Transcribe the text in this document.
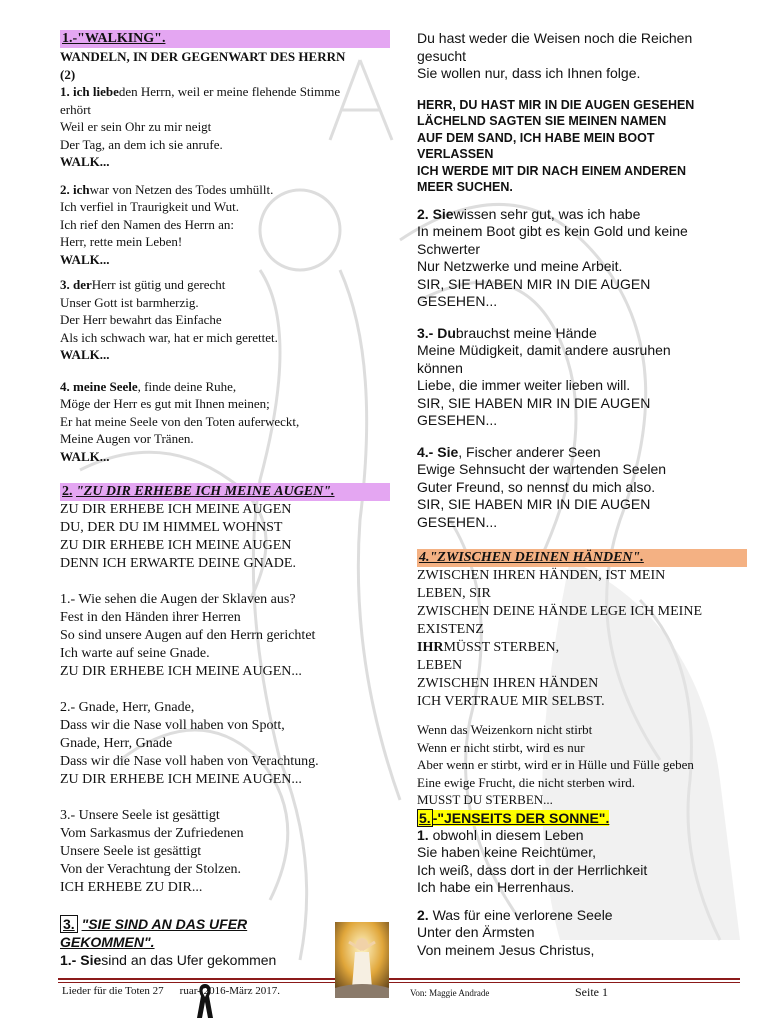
1.-"WALKING".
WANDELN, IN DER GEGENWART DES HERRN
(2)
1. ich liebeden Herrn, weil er meine flehende Stimme
erhört
Weil er sein Ohr zu mir neigt
Der Tag, an dem ich sie anrufe.
WALK...
2. ichwar von Netzen des Todes umhüllt.
Ich verfiel in Traurigkeit und Wut.
Ich rief den Namen des Herrn an:
Herr, rette mein Leben!
WALK...
3. derHerr ist gütig und gerecht
Unser Gott ist barmherzig.
Der Herr bewahrt das Einfache
Als ich schwach war, hat er mich gerettet.
WALK...
4. meine Seele, finde deine Ruhe,
Möge der Herr es gut mit Ihnen meinen;
Er hat meine Seele von den Toten auferweckt,
Meine Augen vor Tränen.
WALK...
2. "ZU DIR ERHEBE ICH MEINE AUGEN".
ZU DIR ERHEBE ICH MEINE AUGEN
DU, DER DU IM HIMMEL WOHNST
ZU DIR ERHEBE ICH MEINE AUGEN
DENN ICH ERWARTE DEINE GNADE.
1.- Wie sehen die Augen der Sklaven aus?
Fest in den Händen ihrer Herren
So sind unsere Augen auf den Herrn gerichtet
Ich warte auf seine Gnade.
ZU DIR ERHEBE ICH MEINE AUGEN...
2.- Gnade, Herr, Gnade,
Dass wir die Nase voll haben von Spott,
Gnade, Herr, Gnade
Dass wir die Nase voll haben von Verachtung.
ZU DIR ERHEBE ICH MEINE AUGEN...
3.- Unsere Seele ist gesättigt
Vom Sarkasmus der Zufriedenen
Unsere Seele ist gesättigt
Von der Verachtung der Stolzen.
ICH ERHEBE ZU DIR...
3. "SIE SIND AN DAS UFER
GEKOMMEN".
1.- Siesind an das Ufer gekommen
Du hast weder die Weisen noch die Reichen
gesucht
Sie wollen nur, dass ich Ihnen folge.
HERR, DU HAST MIR IN DIE AUGEN GESEHEN
LÄCHELND SAGTEN SIE MEINEN NAMEN
AUF DEM SAND, ICH HABE MEIN BOOT
VERLASSEN
ICH WERDE MIT DIR NACH EINEM ANDEREN
MEER SUCHEN.
2. Siewissen sehr gut, was ich habe
In meinem Boot gibt es kein Gold und keine
Schwerter
Nur Netzwerke und meine Arbeit.
SIR, SIE HABEN MIR IN DIE AUGEN
GESEHEN...
3.- Dubrauchst meine Hände
Meine Müdigkeit, damit andere ausruhen
können
Liebe, die immer weiter lieben will.
SIR, SIE HABEN MIR IN DIE AUGEN
GESEHEN...
4.- Sie, Fischer anderer Seen
Ewige Sehnsucht der wartenden Seelen
Guter Freund, so nennst du mich also.
SIR, SIE HABEN MIR IN DIE AUGEN
GESEHEN...
4."ZWISCHEN DEINEN HÄNDEN".
ZWISCHEN IHREN HÄNDEN, IST MEIN
LEBEN, SIR
ZWISCHEN DEINE HÄNDE LEGE ICH MEINE
EXISTENZ
IHRMÜSST STERBEN,
LEBEN
ZWISCHEN IHREN HÄNDEN
ICH VERTRAUE MIR SELBST.
Wenn das Weizenkorn nicht stirbt
Wenn er nicht stirbt, wird es nur
Aber wenn er stirbt, wird er in Hülle und Fülle geben
Eine ewige Frucht, die nicht sterben wird.
MUSST DU STERBEN...
5. -"JENSEITS DER SONNE".
1. obwohl in diesem Leben
Sie haben keine Reichtümer,
Ich weiß, dass dort in der Herrlichkeit
Ich habe ein Herrenhaus.
2. Was für eine verlorene Seele
Unter den Ärmsten
Von meinem Jesus Christus,
Lieder für die Toten 27 ruar- 2016-März 2017.	Von: Maggie Andrade	Seite 1
